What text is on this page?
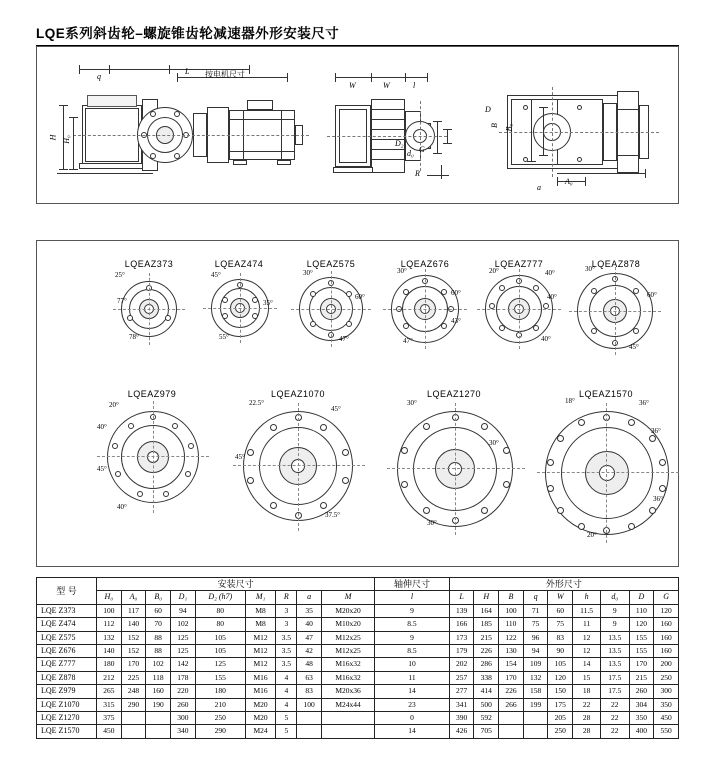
LQE系列斜齿轮–螺旋锥齿轮减速器外形安装尺寸
q
L 按电机尺寸
W	W	l
B B₀
H H₀	D₂
d₀ G
R
a
A₀
D
LQEAZ373
25°
77°
78°
LQEAZ474
45°
35°
55°
LQEAZ575
30°
60°
47°
LQEAZ676
30°
60°
43°
47°
LQEAZ777
20°	40°
40°
40°
LQEAZ878
30°
60°
45°
LQEAZ979
20°
40°
45°
40°
LQEAZ1070
22.5°
45°
45°
37.5°
LQEAZ1270
30°
30°
30°
LQEAZ1570
18°	36°
36°
36°
20°
型 号	安装尺寸									轴伸尺寸	外形尺寸								
	H₀	A₀	B₀	D₁	D₂ (h7)	M₁	R	a	M	l	L	H	B	q	W	h	d₀	D	G
LQE Z373	100	117	60	94	80	M8	3	35	M20x20	9	139	164	100	71	60	11.5	9	110	120
LQE Z474	112	140	70	102	80	M8	3	40	M10x20	8.5	166	185	110	75	75	11	9	120	160
LQE Z575	132	152	88	125	105	M12	3.5	47	M12x25	9	173	215	122	96	83	12	13.5	155	160
LQE Z676	140	152	88	125	105	M12	3.5	42	M12x25	8.5	179	226	130	94	90	12	13.5	155	160
LQE Z777	180	170	102	142	125	M12	3.5	48	M16x32	10	202	286	154	109	105	14	13.5	170	200
LQE Z878	212	225	118	178	155	M16	4	63	M16x32	11	257	338	170	132	120	15	17.5	215	250
LQE Z979	265	248	160	220	180	M16	4	83	M20x36	14	277	414	226	158	150	18	17.5	260	300
LQE Z1070	315	290	190	260	210	M20	4	100	M24x44	23	341	500	266	199	175	22	22	304	350
LQE Z1270	375			300	250	M20	5			0	390	592			205	28	22	350	450
LQE Z1570	450			340	290	M24	5			14	426	705			250	28	22	400	550
